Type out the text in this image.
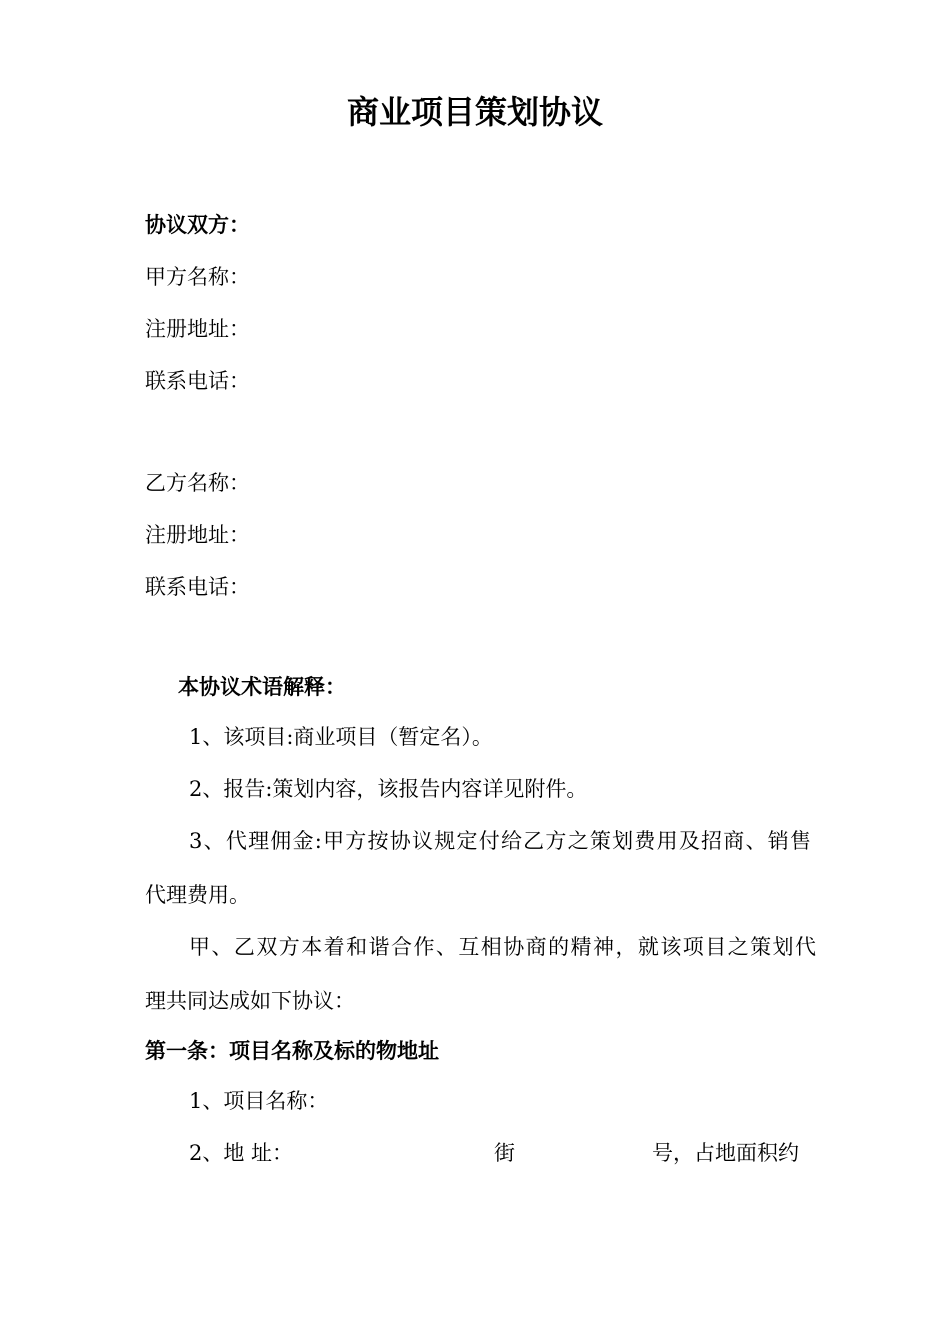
商业项目策划协议
协议双方：
甲方名称：
注册地址：
联系电话：
乙方名称：
注册地址：
联系电话：
本协议术语解释：
1、该项目:商业项目（暂定名）。
2、报告:策划内容，该报告内容详见附件。
3、代理佣金:甲方按协议规定付给乙方之策划费用及招商、销售
代理费用。
甲、乙双方本着和谐合作、互相协商的精神，就该项目之策划代
理共同达成如下协议：
第一条：项目名称及标的物地址
1、项目名称：
2、地 址：	街	号，占地面积约
